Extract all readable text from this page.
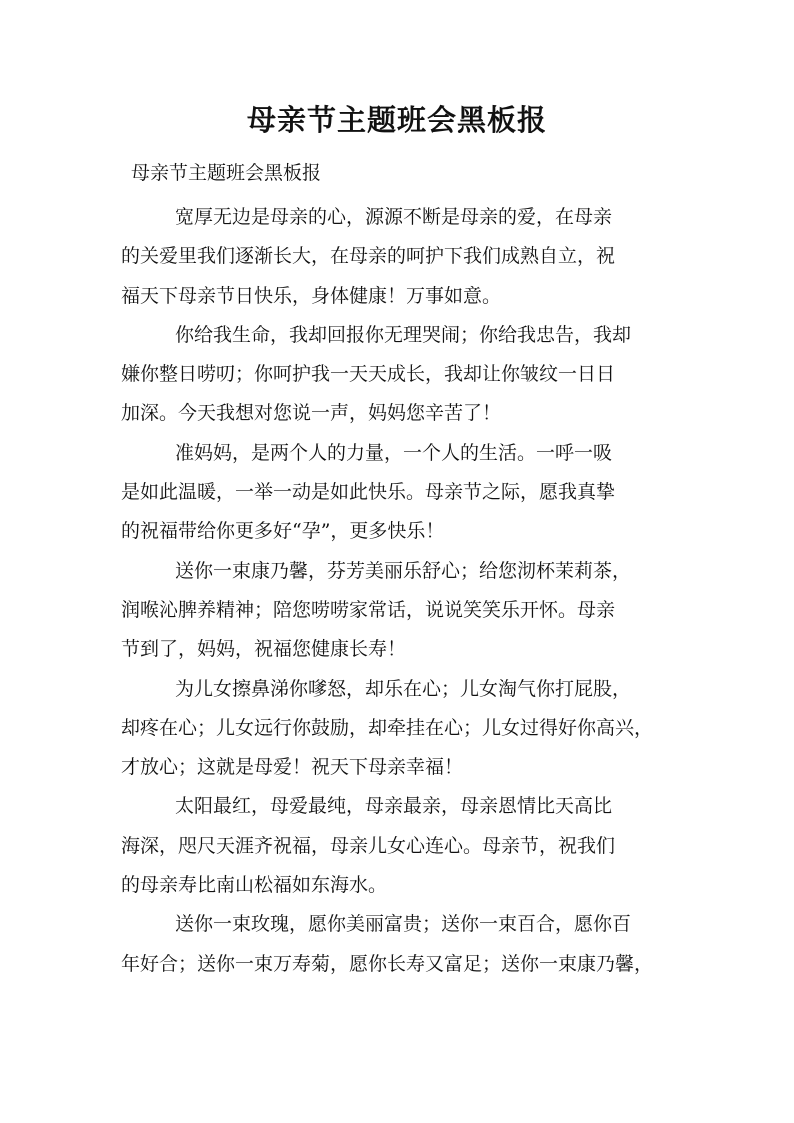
母亲节主题班会黑板报

母亲节主题班会黑板报

宽厚无边是母亲的心，源源不断是母亲的爱，在母亲
的关爱里我们逐渐长大，在母亲的呵护下我们成熟自立，祝
福天下母亲节日快乐，身体健康！万事如意。
你给我生命，我却回报你无理哭闹；你给我忠告，我却
嫌你整日唠叨；你呵护我一天天成长，我却让你皱纹一日日
加深。今天我想对您说一声，妈妈您辛苦了！
准妈妈，是两个人的力量，一个人的生活。一呼一吸
是如此温暖，一举一动是如此快乐。母亲节之际，愿我真挚
的祝福带给你更多好“孕”，更多快乐！
送你一束康乃馨，芬芳美丽乐舒心；给您沏杯茉莉茶，
润喉沁脾养精神；陪您唠唠家常话，说说笑笑乐开怀。母亲
节到了，妈妈，祝福您健康长寿！
为儿女擦鼻涕你嗲怒，却乐在心；儿女淘气你打屁股，
却疼在心；儿女远行你鼓励，却牵挂在心；儿女过得好你高兴，
才放心；这就是母爱！祝天下母亲幸福！
太阳最红，母爱最纯，母亲最亲，母亲恩情比天高比
海深，咫尺天涯齐祝福，母亲儿女心连心。母亲节，祝我们
的母亲寿比南山松福如东海水。
送你一束玫瑰，愿你美丽富贵；送你一束百合，愿你百
年好合；送你一束万寿菊，愿你长寿又富足；送你一束康乃馨，
